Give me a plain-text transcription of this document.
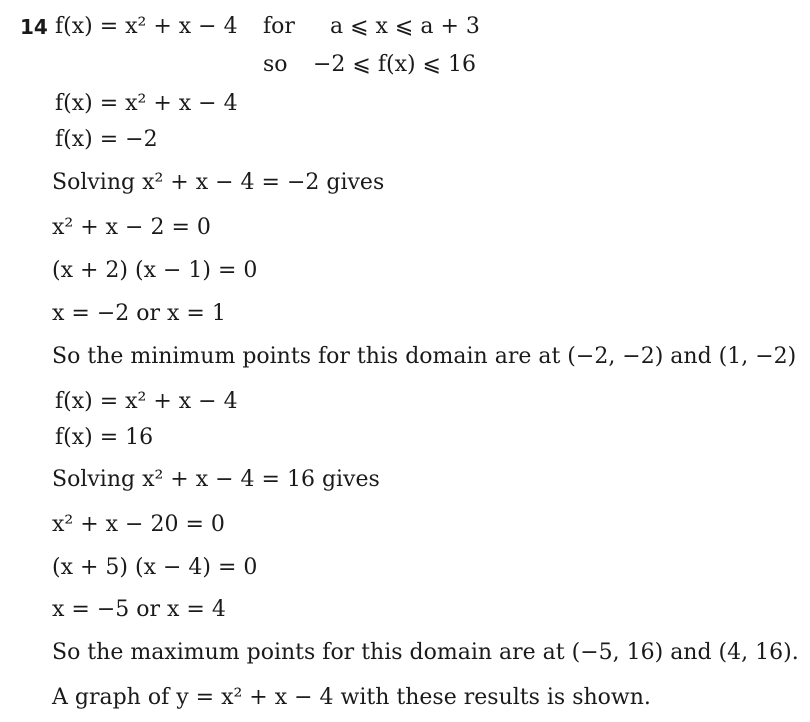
14 f(x) = x² + x − 4 for a ⩽ x ⩽ a + 3
so −2 ⩽ f(x) ⩽ 16
f(x) = x² + x − 4
f(x) = −2
Solving x² + x − 4 = −2 gives
x² + x − 2 = 0
(x + 2) (x − 1) = 0
x = −2 or x = 1
So the minimum points for this domain are at (−2, −2) and (1, −2)
f(x) = x² + x − 4
f(x) = 16
Solving x² + x − 4 = 16 gives
x² + x − 20 = 0
(x + 5) (x − 4) = 0
x = −5 or x = 4
So the maximum points for this domain are at (−5, 16) and (4, 16).
A graph of y = x² + x − 4 with these results is shown.
